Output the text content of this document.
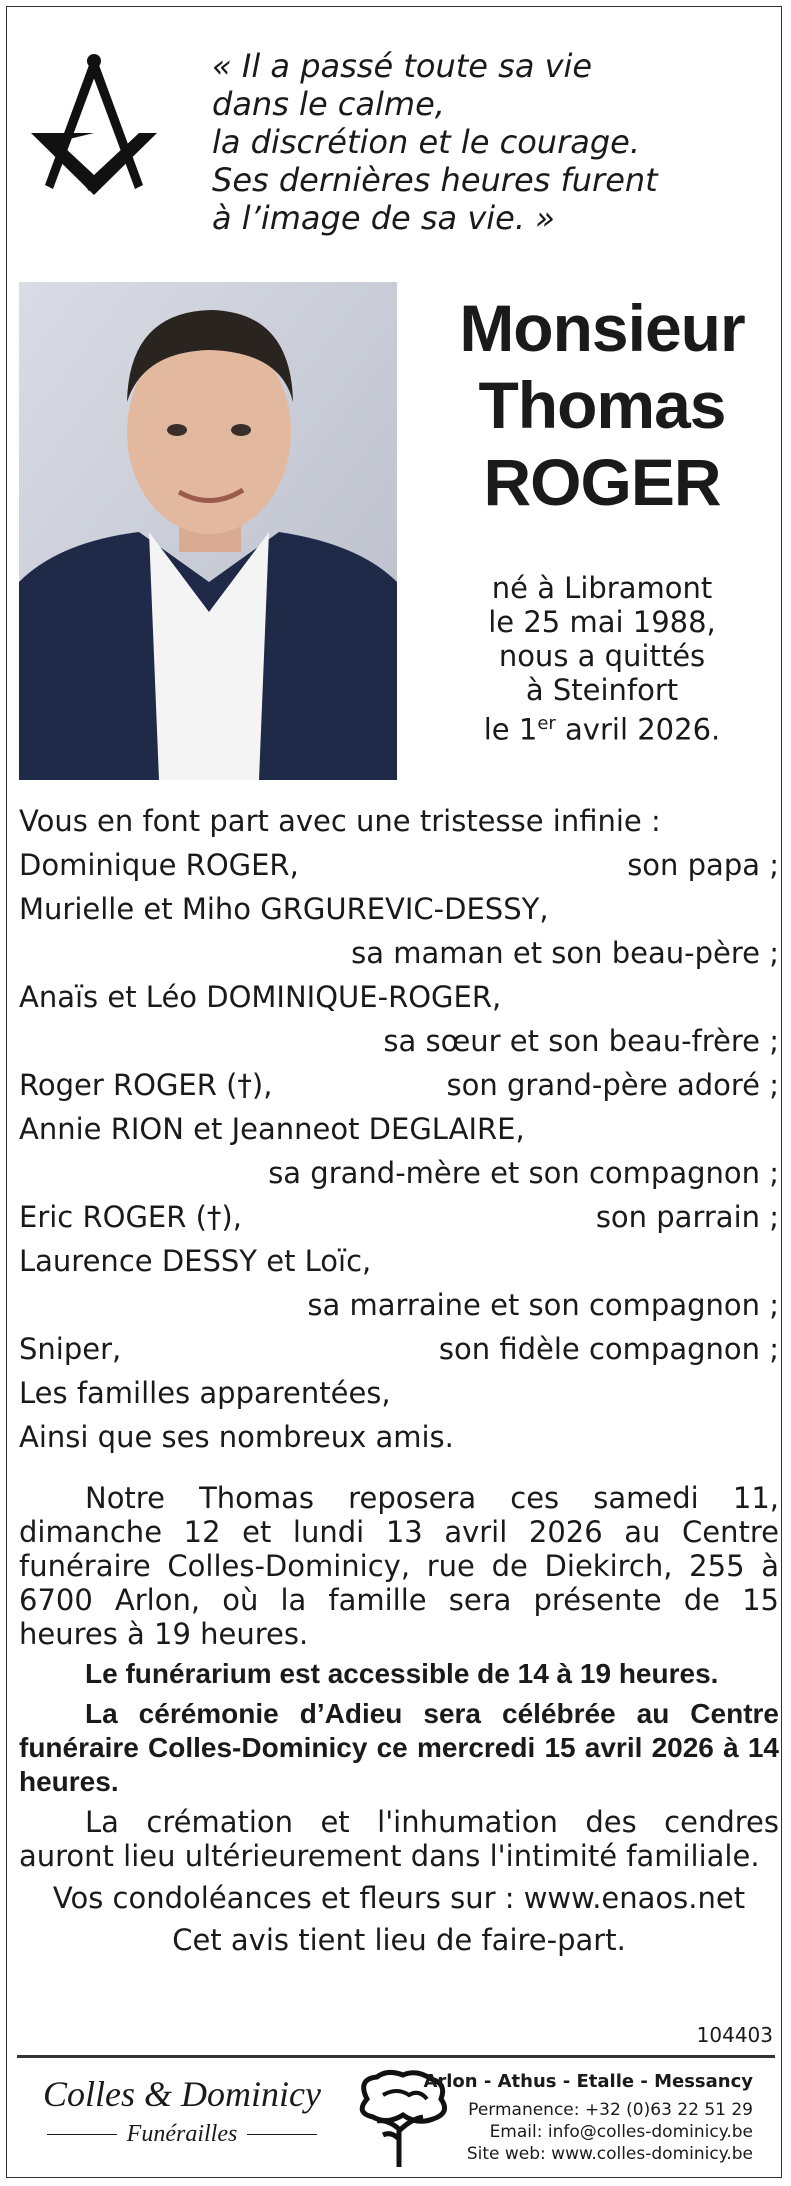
« Il a passé toute sa vie
dans le calme,
la discrétion et le courage.
Ses dernières heures furent
à l’image de sa vie. »
Monsieur
Thomas
ROGER
né à Libramont
le 25 mai 1988,
nous a quittés
à Steinfort
le 1er avril 2026.
Vous en font part avec une tristesse infinie :
Dominique ROGER,	son papa ;
Murielle et Miho GRGUREVIC-DESSY,
sa maman et son beau-père ;
Anaïs et Léo DOMINIQUE-ROGER,
sa sœur et son beau-frère ;
Roger ROGER (†),	son grand-père adoré ;
Annie RION et Jeanneot DEGLAIRE,
sa grand-mère et son compagnon ;
Eric ROGER (†),	son parrain ;
Laurence DESSY et Loïc,
sa marraine et son compagnon ;
Sniper,	son fidèle compagnon ;
Les familles apparentées,
Ainsi que ses nombreux amis.

Notre Thomas reposera ces samedi 11, dimanche 12 et lundi 13 avril 2026 au Centre funéraire Colles-Dominicy, rue de Diekirch, 255 à 6700 Arlon, où la famille sera présente de 15 heures à 19 heures.

Le funérarium est accessible de 14 à 19 heures.

La cérémonie d’Adieu sera célébrée au Centre funéraire Colles-Dominicy ce mercredi 15 avril 2026 à 14 heures.

La crémation et l'inhumation des cendres auront lieu ultérieurement dans l'intimité familiale.

Vos condoléances et fleurs sur : www.enaos.net

Cet avis tient lieu de faire-part.

104403
Colles & Dominicy
Funérailles
Arlon - Athus - Etalle - Messancy
Permanence: +32 (0)63 22 51 29
Email: info@colles-dominicy.be
Site web: www.colles-dominicy.be
